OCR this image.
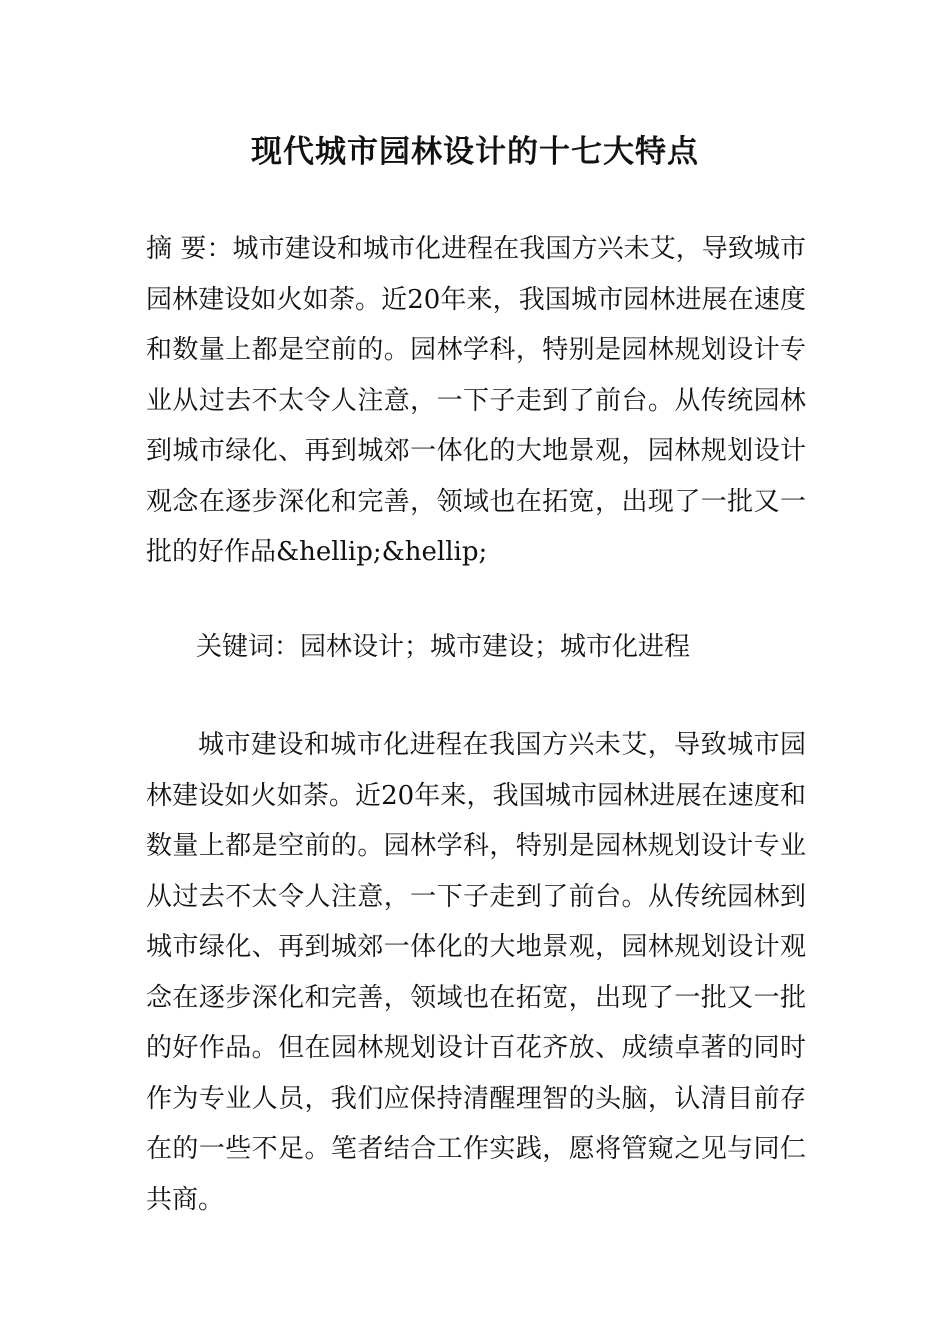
现代城市园林设计的十七大特点
摘 要：城市建设和城市化进程在我国方兴未艾，导致城市园林建设如火如荼。近20年来，我国城市园林进展在速度和数量上都是空前的。园林学科，特别是园林规划设计专业从过去不太令人注意，一下子走到了前台。从传统园林到城市绿化、再到城郊一体化的大地景观，园林规划设计观念在逐步深化和完善，领域也在拓宽，出现了一批又一批的好作品&hellip;&hellip;
关键词：园林设计；城市建设；城市化进程
城市建设和城市化进程在我国方兴未艾，导致城市园林建设如火如荼。近20年来，我国城市园林进展在速度和数量上都是空前的。园林学科，特别是园林规划设计专业从过去不太令人注意，一下子走到了前台。从传统园林到城市绿化、再到城郊一体化的大地景观，园林规划设计观念在逐步深化和完善，领域也在拓宽，出现了一批又一批的好作品。但在园林规划设计百花齐放、成绩卓著的同时作为专业人员，我们应保持清醒理智的头脑，认清目前存在的一些不足。笔者结合工作实践，愿将管窥之见与同仁共商。
